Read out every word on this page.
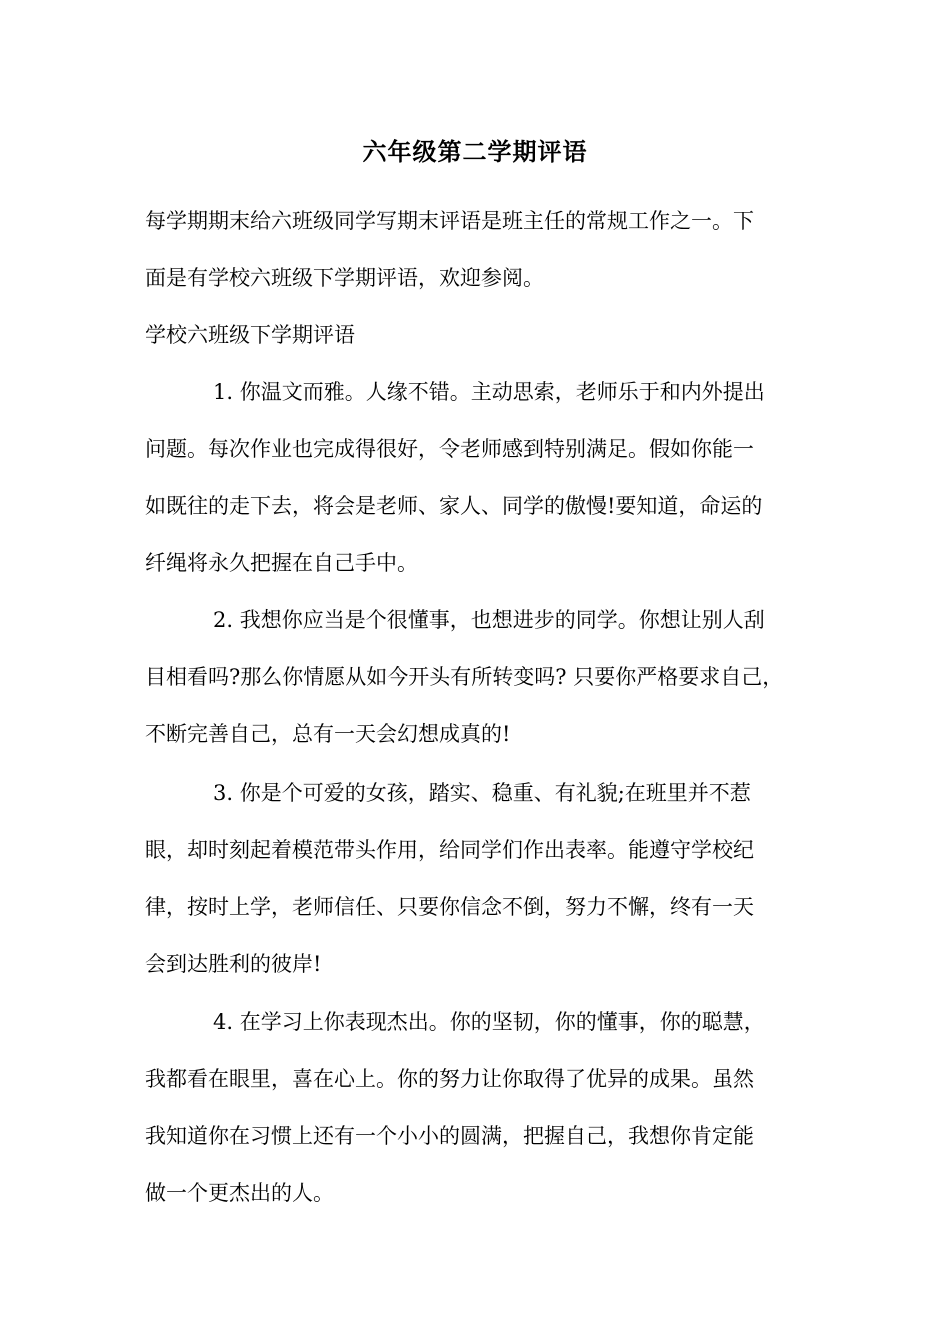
六年级第二学期评语
每学期期末给六班级同学写期末评语是班主任的常规工作之一。下
面是有学校六班级下学期评语，欢迎参阅。
学校六班级下学期评语
1. 你温文而雅。人缘不错。主动思索，老师乐于和内外提出
问题。每次作业也完成得很好，令老师感到特别满足。假如你能一
如既往的走下去，将会是老师、家人、同学的傲慢!要知道，命运的
纤绳将永久把握在自己手中。
2. 我想你应当是个很懂事，也想进步的同学。你想让别人刮
目相看吗?那么你情愿从如今开头有所转变吗? 只要你严格要求自己，
不断完善自己，总有一天会幻想成真的!
3. 你是个可爱的女孩，踏实、稳重、有礼貌;在班里并不惹
眼，却时刻起着模范带头作用，给同学们作出表率。能遵守学校纪
律，按时上学，老师信任、只要你信念不倒，努力不懈，终有一天
会到达胜利的彼岸!
4. 在学习上你表现杰出。你的坚韧，你的懂事，你的聪慧，
我都看在眼里，喜在心上。你的努力让你取得了优异的成果。虽然
我知道你在习惯上还有一个小小的圆满，把握自己，我想你肯定能
做一个更杰出的人。
